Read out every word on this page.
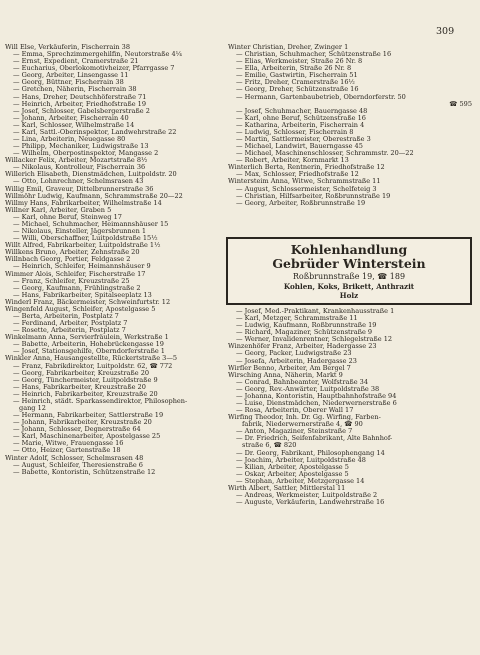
309
Will Else, Verkäuferin, Fischerrain 38
— Emma, Sprechzimmergehilfin, Neutorstraße 4¼
— Ernst, Expedient, Cramerstraße 21
— Eucharius, Oberlokomotivheizer, Pfarrgasse 7
— Georg, Arbeiter, Linsengasse 11
— Georg, Büttner, Fischerrain 38
— Gretchen, Näherin, Fischerrain 38
— Hans, Dreher, Deutschhöferstraße 71
— Heinrich, Arbeiter, Friedhofstraße 19
— Josef, Schlosser, Gabelsbergerstraße 2
— Johann, Arbeiter, Fischerrain 40
— Karl, Schlosser, Wilhelmstraße 14
— Karl, Sattl.-Oberinspektor, Landwehrstraße 22
— Lina, Arbeiterin, Neuegasse 80
— Philipp, Mechaniker, Ludwigstraße 13
— Wilhelm, Oberpostinspektor, Mangasse 2
Willacker Felix, Arbeiter, Mozartstraße 8½
— Nikolaus, Kontrolleur, Fischerrain 36
Willerich Elisabeth, Dienstmädchen, Luitpoldstr. 20
— Otto, Lohnrechner, Schelmsrasen 43
Willig Emil, Graveur, Dittelbrunnerstraße 36
Willmöhr Ludwig, Kaufmann, Schrammstraße 20—22
Willmy Hans, Fabrikarbeiter, Wilhelmstraße 14
Willner Karl, Arbeiter, Graben 5
— Karl, ohne Beruf, Steinweg 17
— Michael, Schuhmacher, Heimannshäuser 15
— Nikolaus, Einsteller, Jägersbrunnen 1
— Willi, Oberschaffner, Luitpoldstraße 15½
Willt Alfred, Fabrikarbeiter, Luitpoldstraße 1½
Willkens Bruno, Arbeiter, Zehnstraße 20
Willnbach Georg, Portier, Feldgasse 2
— Heinrich, Schleifer, Heimannshäuser 9
Wimmer Alois, Schleifer, Fischerstraße 17
— Franz, Schleifer, Kreuzstraße 25
— Georg, Kaufmann, Frühlingstraße 2
— Hans, Fabrikarbeiter, Spitalseeplatz 13
Winderl Franz, Bäckermeister, Schweinfurtstr. 12
Wingenfeld August, Schleifer, Apostelgasse 5
— Berta, Arbeiterin, Postplatz 7
— Ferdinand, Arbeiter, Postplatz 7
— Rosette, Arbeiterin, Postplatz 7
Winkelmann Anna, Servierfräulein, Werkstraße 1
— Babette, Arbeiterin, Hohebrückengasse 19
— Josef, Stationsgehilfe, Oberndorferstraße 1
Winkler Anna, Hausangestellte, Rückertstraße 3—5
— Franz, Fabrikdirektor, Luitpoldstr. 62, ☎ 772
— Georg, Fabrikarbeiter, Kreuzstraße 20
— Georg, Tünchermeister, Luitpoldstraße 9
— Hans, Fabrikarbeiter, Kreuzstraße 20
— Heinrich, Fabrikarbeiter, Kreuzstraße 20
— Heinrich, städt. Sparkassendirektor, Philosophen-
gang 12
— Hermann, Fabrikarbeiter, Sattlerstraße 19
— Johann, Fabrikarbeiter, Kreuzstraße 20
— Johann, Schlosser, Degnerstraße 64
— Karl, Maschinenarbeiter, Apostelgasse 25
— Marie, Witwe, Frauengasse 16
— Otto, Heizer, Gartenstraße 18
Winter Adolf, Schlosser, Schelmsrasen 48
— August, Schleifer, Theresienstraße 6
— Babette, Kontoristin, Schützenstraße 12
Winter Christian, Dreher, Zwinger 1
— Christian, Schuhmacher, Schützenstraße 16
— Elias, Werkmeister, Straße 26 Nr. 8
— Ella, Arbeiterin, Straße 26 Nr. 8
— Emilie, Gastwirtin, Fischerrain 51
— Fritz, Dreher, Cramerstraße 16½
— Georg, Dreher, Schützenstraße 16
— Hermann, Gartenbaubetrieb, Oberndorferstr. 50
☎ 595
— Josef, Schuhmacher, Bauerngasse 48
— Karl, ohne Beruf, Schützenstraße 16
— Katharina, Arbeiterin, Fischerrain 4
— Ludwig, Schlosser, Fischerrain 8
— Martin, Sattlermeister, Oberestraße 3
— Michael, Landwirt, Bauerngasse 45
— Michael, Maschinenschlosser, Schrammstr. 20—22
— Robert, Arbeiter, Kornmarkt 13
Winterlich Berta, Rentnerin, Friedhofstraße 12
— Max, Schlosser, Friedhofstraße 12
Wintersteim Anna, Witwe, Schrammstraße 11
— August, Schlossermeister, Schelfeteig 3
— Christian, Hilfsarbeiter, Roßbrunnstraße 19
— Georg, Arbeiter, Roßbrunnstraße 19
Kohlenhandlung
Gebrüder Winterstein
Roßbrunnstraße 19, ☎ 189
Kohlen, Koks, Brikett, Anthrazit
Holz
— Josef, Med.-Praktikant, Krankenhausstraße 1
— Karl, Metzger, Schrammstraße 11
— Ludwig, Kaufmann, Roßbrunnstraße 19
— Richard, Magaziner, Schützenstraße 9
— Werner, Invalidenrentner, Schlegelstraße 12
Winzenhöfer Franz, Arbeiter, Hadergasse 23
— Georg, Packer, Ludwigstraße 23
— Josefa, Arbeiterin, Hadergasse 23
Wirfler Benno, Arbeiter, Am Bergel 7
Wirsching Anna, Näherin, Markt 9
— Conrad, Bahnbeamter, Wolfstraße 34
— Georg, Rev.-Anwärter, Luitpoldstraße 38
— Johanna, Kontoristin, Hauptbahnhofstraße 94
— Luise, Dienstmädchen, Niederwernerstraße 6
— Rosa, Arbeiterin, Oberer Wall 17
Wirfing Theodor, Inh. Dr. Gg. Wirfing, Farben-
fabrik, Niederwernerstraße 4, ☎ 90
— Anton, Magaziner, Steinstraße 7
— Dr. Friedrich, Seifenfabrikant, Alte Bahnhof-
straße 6, ☎ 820
— Dr. Georg, Fabrikant, Philosophengang 14
— Joachim, Arbeiter, Luitpoldstraße 48
— Kilian, Arbeiter, Apostelgasse 5
— Oskar, Arbeiter, Apostelgasse 5
— Stephan, Arbeiter, Metzgergasse 14
Wirth Albert, Sattler, Mittlerstal 11
— Andreas, Werkmeister, Luitpoldstraße 2
— Auguste, Verkäuferin, Landwehrstraße 16
